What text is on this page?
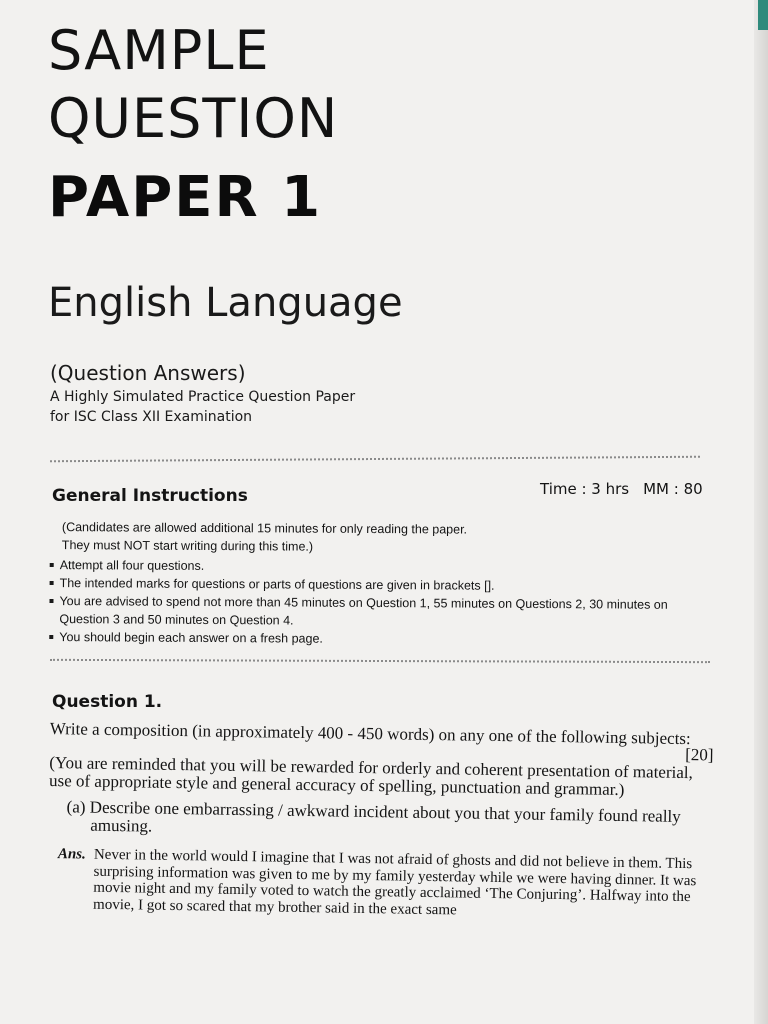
SAMPLE
QUESTION
PAPER 1
English Language
(Question Answers)
A Highly Simulated Practice Question Paper
for ISC Class XII Examination
General Instructions	Time : 3 hrs MM : 80
(Candidates are allowed additional 15 minutes for only reading the paper.
They must NOT start writing during this time.)
Attempt all four questions.
The intended marks for questions or parts of questions are given in brackets [].
You are advised to spend not more than 45 minutes on Question 1, 55 minutes on Questions 2, 30 minutes on Question 3 and 50 minutes on Question 4.
You should begin each answer on a fresh page.
Question 1.
Write a composition (in approximately 400 - 450 words) on any one of the following subjects:
[20]
(You are reminded that you will be rewarded for orderly and coherent presentation of material, use of appropriate style and general accuracy of spelling, punctuation and grammar.)
(a) Describe one embarrassing / awkward incident about you that your family found really amusing.
Ans. Never in the world would I imagine that I was not afraid of ghosts and did not believe in them. This surprising information was given to me by my family yesterday while we were having dinner. It was movie night and my family voted to watch the greatly acclaimed ‘The Conjuring’. Halfway into the movie, I got so scared that my brother said in the exact same
